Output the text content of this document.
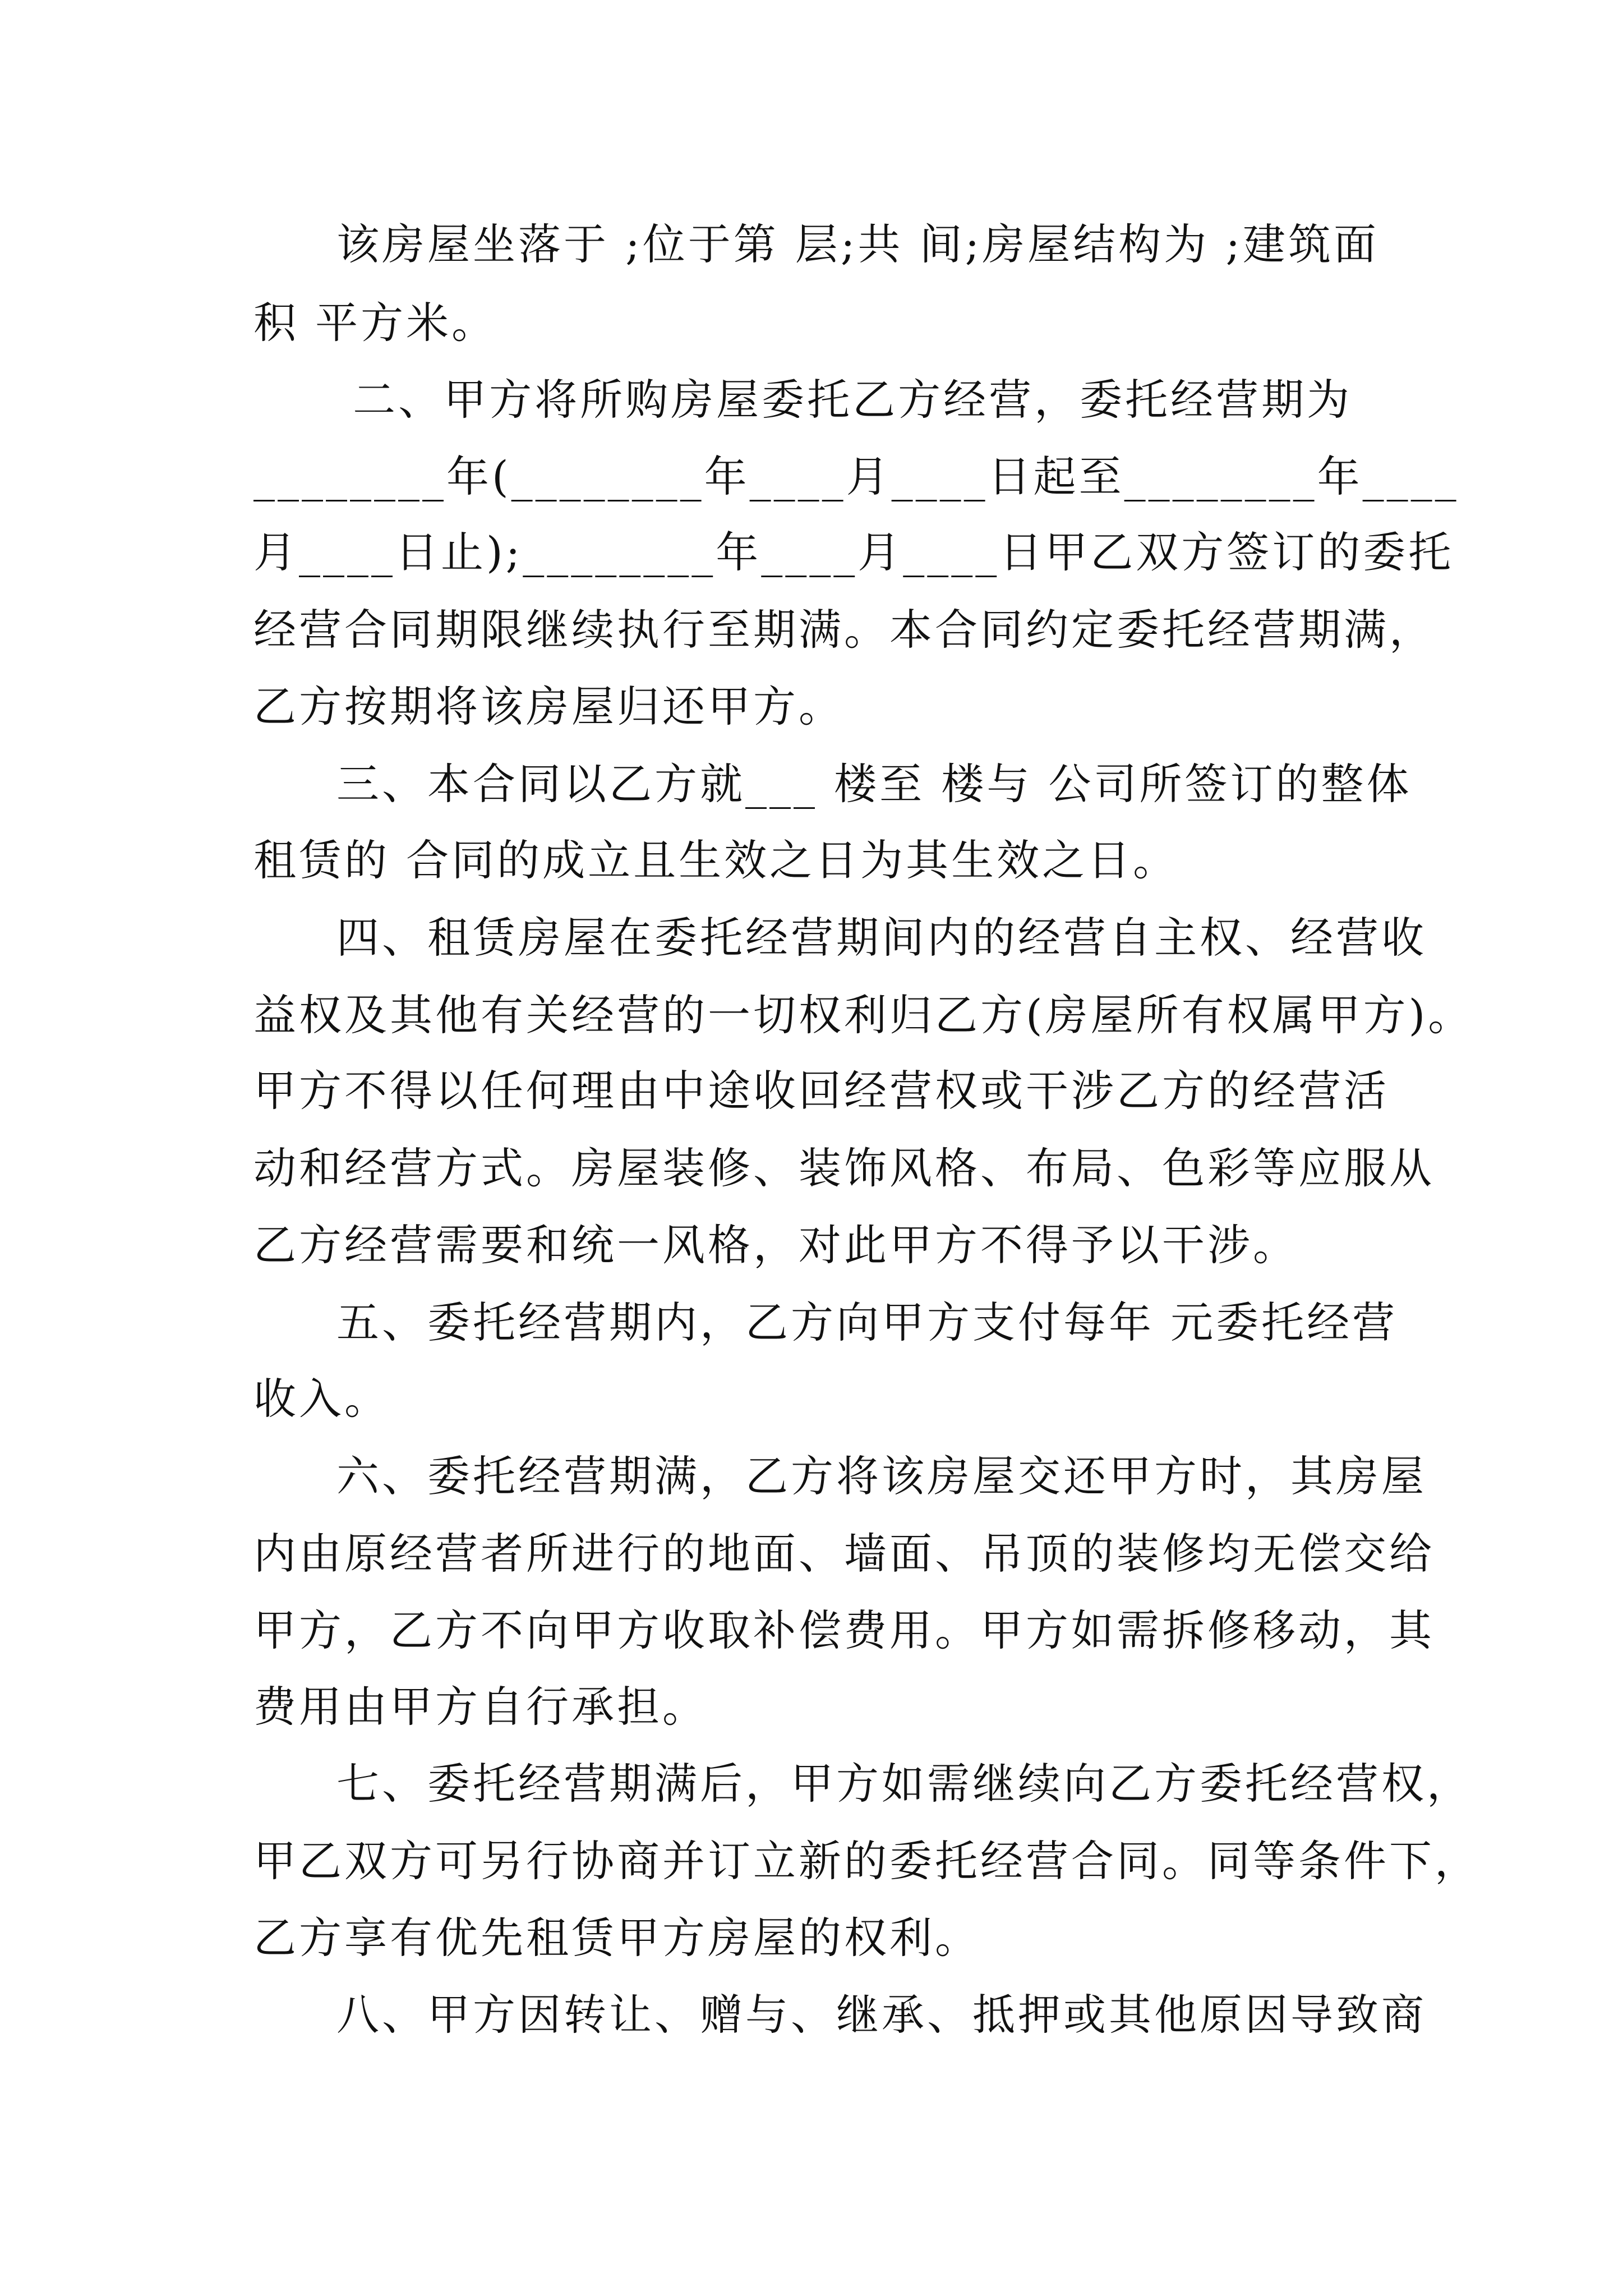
该房屋坐落于 ;位于第 层;共 间;房屋结构为 ;建筑面

积 平方米。

二、甲方将所购房屋委托乙方经营，委托经营期为

________年(________年____月____日起至________年____

月____日止);________年____月____日甲乙双方签订的委托

经营合同期限继续执行至期满。本合同约定委托经营期满，

乙方按期将该房屋归还甲方。

三、本合同以乙方就___ 楼至 楼与 公司所签订的整体

租赁的 合同的成立且生效之日为其生效之日。

四、租赁房屋在委托经营期间内的经营自主权、经营收

益权及其他有关经营的一切权利归乙方(房屋所有权属甲方)。

甲方不得以任何理由中途收回经营权或干涉乙方的经营活

动和经营方式。房屋装修、装饰风格、布局、色彩等应服从

乙方经营需要和统一风格，对此甲方不得予以干涉。

五、委托经营期内，乙方向甲方支付每年 元委托经营

收入。

六、委托经营期满，乙方将该房屋交还甲方时，其房屋

内由原经营者所进行的地面、墙面、吊顶的装修均无偿交给

甲方，乙方不向甲方收取补偿费用。甲方如需拆修移动，其

费用由甲方自行承担。

七、委托经营期满后，甲方如需继续向乙方委托经营权，

甲乙双方可另行协商并订立新的委托经营合同。同等条件下，

乙方享有优先租赁甲方房屋的权利。

八、甲方因转让、赠与、继承、抵押或其他原因导致商
